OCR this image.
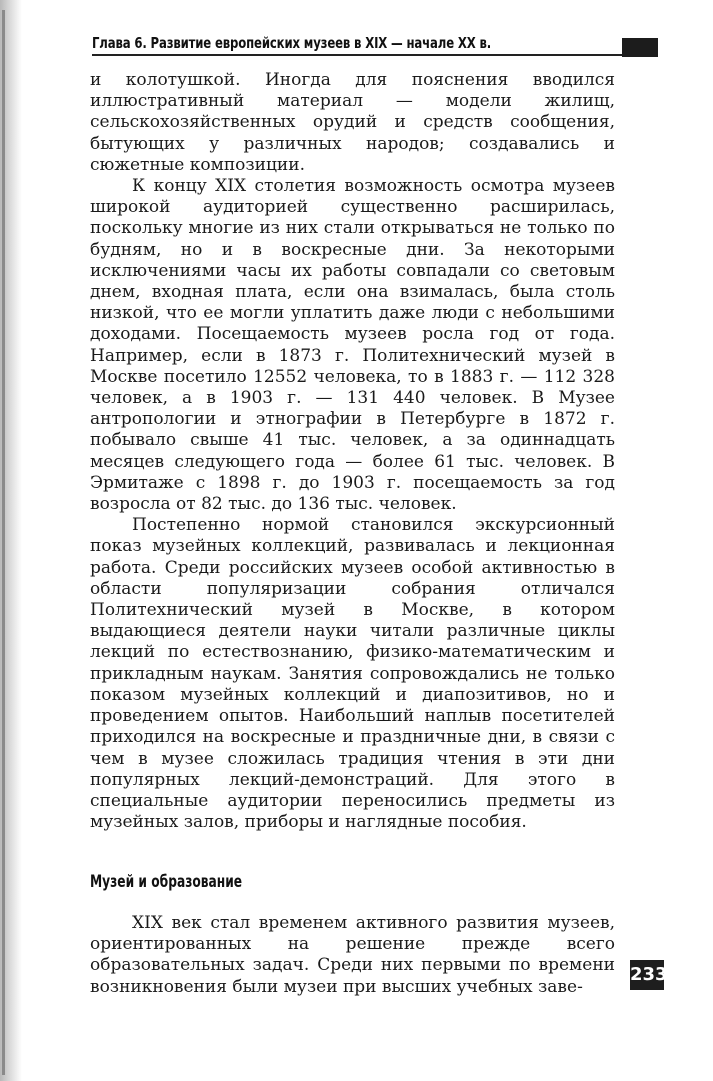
Глава 6. Развитие европейских музеев в XIX — начале XX в.

и колотушкой. Иногда для пояснения вводился иллюстративный материал — модели жилищ, сельскохозяйственных орудий и средств сообщения, бытующих у различных народов; создавались и сюжетные композиции.

К концу XIX столетия возможность осмотра музеев широкой аудиторией существенно расширилась, поскольку многие из них стали открываться не только по будням, но и в воскресные дни. За некоторыми исключениями часы их работы совпадали со световым днем, входная плата, если она взималась, была столь низкой, что ее могли уплатить даже люди с небольшими доходами. Посещаемость музеев росла год от года. Например, если в 1873 г. Политехнический музей в Москве посетило 12552 человека, то в 1883 г. — 112 328 человек, а в 1903 г. — 131 440 человек. В Музее антропологии и этнографии в Петербурге в 1872 г. побывало свыше 41 тыс. человек, а за одиннадцать месяцев следующего года — более 61 тыс. человек. В Эрмитаже с 1898 г. до 1903 г. посещаемость за год возросла от 82 тыс. до 136 тыс. человек.

Постепенно нормой становился экскурсионный показ музейных коллекций, развивалась и лекционная работа. Среди российских музеев особой активностью в области популяризации собрания отличался Политехнический музей в Москве, в котором выдающиеся деятели науки читали различные циклы лекций по естествознанию, физико-математическим и прикладным наукам. Занятия сопровождались не только показом музейных коллекций и диапозитивов, но и проведением опытов. Наибольший наплыв посетителей приходился на воскресные и праздничные дни, в связи с чем в музее сложилась традиция чтения в эти дни популярных лекций-демонстраций. Для этого в специальные аудитории переносились предметы из музейных залов, приборы и наглядные пособия.

Музей и образование

XIX век стал временем активного развития музеев, ориентированных на решение прежде всего образовательных задач. Среди них первыми по времени возникновения были музеи при высших учебных заве-

233
